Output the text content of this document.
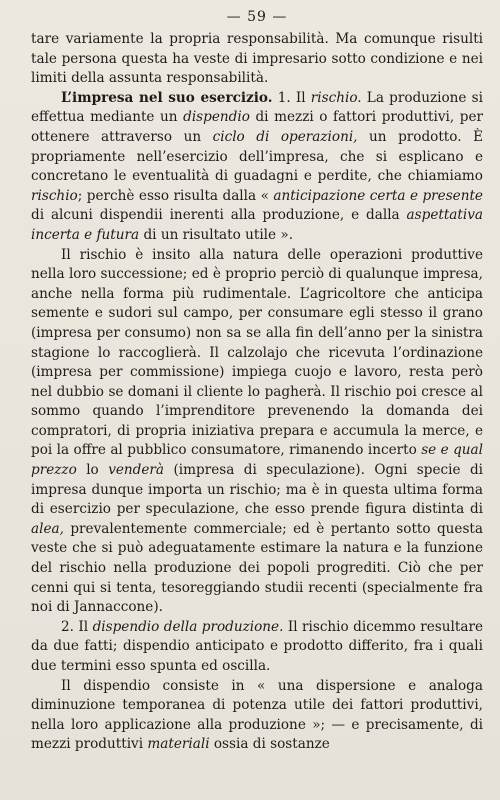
— 59 —

tare variamente la propria responsabilità. Ma comunque risulti tale persona questa ha veste di impresario sotto condizione e nei limiti della assunta responsabilità.

L’impresa nel suo esercizio. 1. Il rischio. La produzione si effettua mediante un dispendio di mezzi o fattori produttivi, per ottenere attraverso un ciclo di operazioni, un prodotto. È propriamente nell’esercizio dell’impresa, che si esplicano e concretano le eventualità di guadagni e perdite, che chiamiamo rischio; perchè esso risulta dalla « anticipazione certa e presente di alcuni dispendii inerenti alla produzione, e dalla aspettativa incerta e futura di un risultato utile ».

Il rischio è insito alla natura delle operazioni produttive nella loro successione; ed è proprio perciò di qualunque impresa, anche nella forma più rudimentale. L’agricoltore che anticipa semente e sudori sul campo, per consumare egli stesso il grano (impresa per consumo) non sa se alla fin dell’anno per la sinistra stagione lo raccoglierà. Il calzolajo che ricevuta l’ordinazione (impresa per commissione) impiega cuojo e lavoro, resta però nel dubbio se domani il cliente lo pagherà. Il rischio poi cresce al sommo quando l’imprenditore prevenendo la domanda dei compratori, di propria iniziativa prepara e accumula la merce, e poi la offre al pubblico consumatore, rimanendo incerto se e qual prezzo lo venderà (impresa di speculazione). Ogni specie di impresa dunque importa un rischio; ma è in questa ultima forma di esercizio per speculazione, che esso prende figura distinta di alea, prevalentemente commerciale; ed è pertanto sotto questa veste che si può adeguatamente estimare la natura e la funzione del rischio nella produzione dei popoli progrediti. Ciò che per cenni qui si tenta, tesoreggiando studii recenti (specialmente fra noi di Jannaccone).

2. Il dispendio della produzione. Il rischio dicemmo resultare da due fatti; dispendio anticipato e prodotto differito, fra i quali due termini esso spunta ed oscilla.

Il dispendio consiste in « una dispersione e analoga diminuzione temporanea di potenza utile dei fattori produttivi, nella loro applicazione alla produzione »; — e precisamente, di mezzi produttivi materiali ossia di sostanze
